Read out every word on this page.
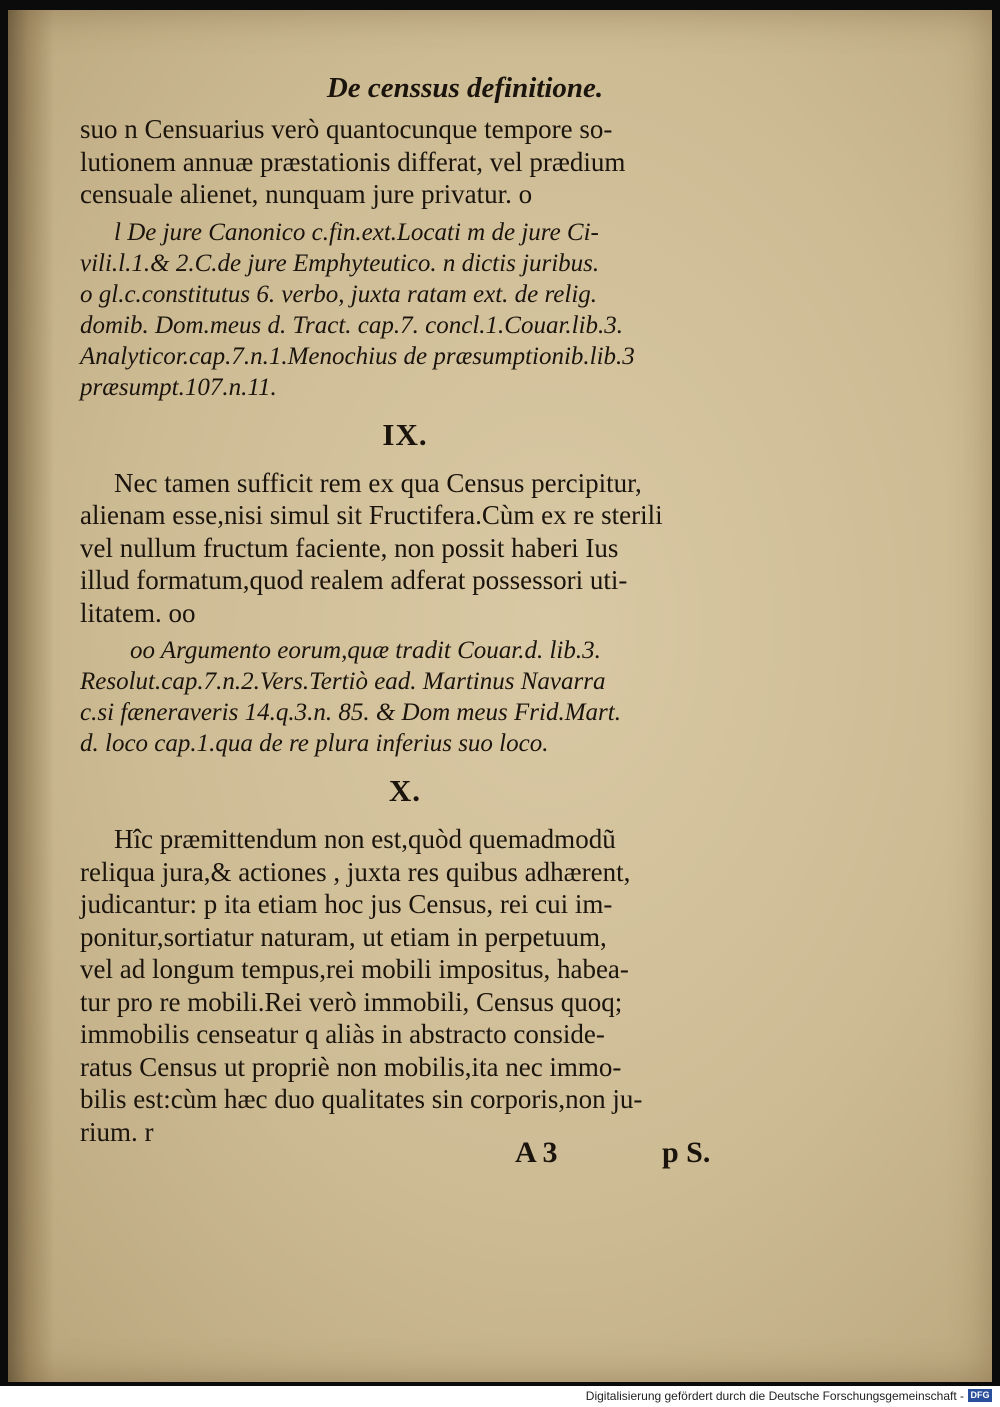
De censsus definitione.

suo n Censuarius verò quantocunque tempore so-
lutionem annuæ præstationis differat, vel prædium
censuale alienet, nunquam jure privatur. o

l De jure Canonico c.fin.ext.Locati m de jure Ci-
vili.l.1.& 2.C.de jure Emphyteutico. n dictis juribus.
o gl.c.constitutus 6. verbo, juxta ratam ext. de relig.
domib. Dom.meus d. Tract. cap.7. concl.1.Couar.lib.3.
Analyticor.cap.7.n.1.Menochius de præsumptionib.lib.3
præsumpt.107.n.11.

IX.

Nec tamen sufficit rem ex qua Census percipitur,
alienam esse,nisi simul sit Fructifera.Cùm ex re sterili
vel nullum fructum faciente, non possit haberi Ius
illud formatum,quod realem adferat possessori uti-
litatem. oo

oo Argumento eorum,quæ tradit Couar.d. lib.3.
Resolut.cap.7.n.2.Vers.Tertiò ead. Martinus Navarra
c.si fæneraveris 14.q.3.n. 85. & Dom meus Frid.Mart.
d. loco cap.1.qua de re plura inferius suo loco.

X.

Hîc præmittendum non est,quòd quemadmodũ
reliqua jura,& actiones , juxta res quibus adhærent,
judicantur: p ita etiam hoc jus Census, rei cui im-
ponitur,sortiatur naturam, ut etiam in perpetuum,
vel ad longum tempus,rei mobili impositus, habea-
tur pro re mobili.Rei verò immobili, Census quoq;
immobilis censeatur q aliàs in abstracto conside-
ratus Census ut propriè non mobilis,ita nec immo-
bilis est:cùm hæc duo qualitates sin corporis,non ju-
rium. r

A 3	p S.
Digitalisierung gefördert durch die Deutsche Forschungsgemeinschaft - DFG
